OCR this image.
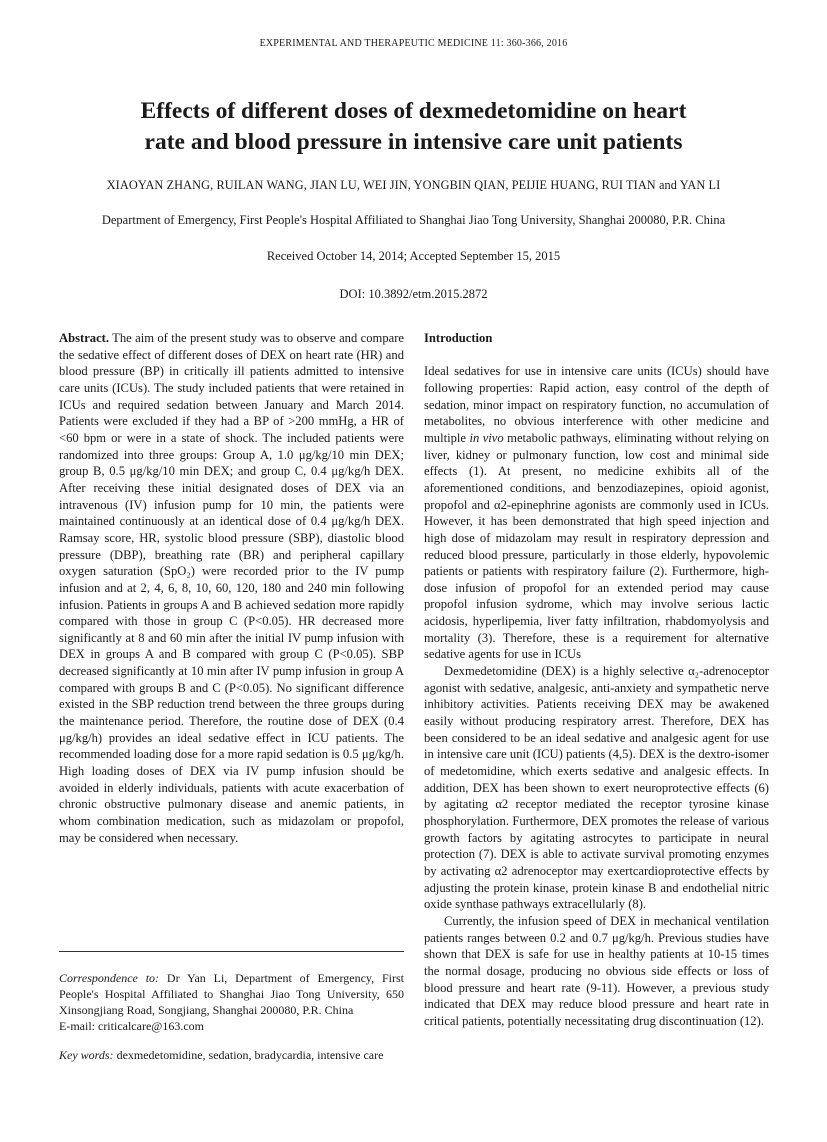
EXPERIMENTAL AND THERAPEUTIC MEDICINE 11: 360-366, 2016
Effects of different doses of dexmedetomidine on heart
rate and blood pressure in intensive care unit patients
XIAOYAN ZHANG, RUILAN WANG, JIAN LU, WEI JIN, YONGBIN QIAN, PEIJIE HUANG, RUI TIAN and YAN LI
Department of Emergency, First People's Hospital Affiliated to Shanghai Jiao Tong University, Shanghai 200080, P.R. China
Received October 14, 2014; Accepted September 15, 2015
DOI: 10.3892/etm.2015.2872

Abstract. The aim of the present study was to observe and compare the sedative effect of different doses of DEX on heart rate (HR) and blood pressure (BP) in critically ill patients admitted to intensive care units (ICUs). The study included patients that were retained in ICUs and required sedation between January and March 2014. Patients were excluded if they had a BP of >200 mmHg, a HR of <60 bpm or were in a state of shock. The included patients were randomized into three groups: Group A, 1.0 μg/kg/10 min DEX; group B, 0.5 μg/kg/10 min DEX; and group C, 0.4 μg/kg/h DEX. After receiving these initial designated doses of DEX via an intravenous (IV) infusion pump for 10 min, the patients were maintained continuously at an identical dose of 0.4 μg/kg/h DEX. Ramsay score, HR, systolic blood pressure (SBP), diastolic blood pressure (DBP), breathing rate (BR) and peripheral capillary oxygen saturation (SpO₂) were recorded prior to the IV pump infusion and at 2, 4, 6, 8, 10, 60, 120, 180 and 240 min following infusion. Patients in groups A and B achieved sedation more rapidly compared with those in group C (P<0.05). HR decreased more significantly at 8 and 60 min after the initial IV pump infusion with DEX in groups A and B compared with group C (P<0.05). SBP decreased significantly at 10 min after IV pump infusion in group A compared with groups B and C (P<0.05). No significant difference existed in the SBP reduction trend between the three groups during the maintenance period. Therefore, the routine dose of DEX (0.4 μg/kg/h) provides an ideal sedative effect in ICU patients. The recommended loading dose for a more rapid sedation is 0.5 μg/kg/h. High loading doses of DEX via IV pump infusion should be avoided in elderly individuals, patients with acute exacerbation of chronic obstructive pulmonary disease and anemic patients, in whom combination medication, such as midazolam or propofol, may be considered when necessary.

Correspondence to: Dr Yan Li, Department of Emergency, First People's Hospital Affiliated to Shanghai Jiao Tong University, 650 Xinsongjiang Road, Songjiang, Shanghai 200080, P.R. China
E-mail: criticalcare@163.com
Key words: dexmedetomidine, sedation, bradycardia, intensive care
Introduction

Ideal sedatives for use in intensive care units (ICUs) should have following properties: Rapid action, easy control of the depth of sedation, minor impact on respiratory function, no accumulation of metabolites, no obvious interference with other medicine and multiple in vivo metabolic pathways, eliminating without relying on liver, kidney or pulmonary function, low cost and minimal side effects (1). At present, no medicine exhibits all of the aforementioned conditions, and benzodiazepines, opioid agonist, propofol and α2-epinephrine agonists are commonly used in ICUs. However, it has been demonstrated that high speed injection and high dose of midazolam may result in respiratory depression and reduced blood pressure, particularly in those elderly, hypovolemic patients or patients with respiratory failure (2). Furthermore, high-dose infusion of propofol for an extended period may cause propofol infusion sydrome, which may involve serious lactic acidosis, hyperlipemia, liver fatty infiltration, rhabdomyolysis and mortality (3). Therefore, these is a requirement for alternative sedative agents for use in ICUs

Dexmedetomidine (DEX) is a highly selective α₂-adrenoceptor agonist with sedative, analgesic, anti-anxiety and sympathetic nerve inhibitory activities. Patients receiving DEX may be awakened easily without producing respiratory arrest. Therefore, DEX has been considered to be an ideal sedative and analgesic agent for use in intensive care unit (ICU) patients (4,5). DEX is the dextro-isomer of medetomidine, which exerts sedative and analgesic effects. In addition, DEX has been shown to exert neuroprotective effects (6) by agitating α2 receptor mediated the receptor tyrosine kinase phosphorylation. Furthermore, DEX promotes the release of various growth factors by agitating astrocytes to participate in neural protection (7). DEX is able to activate survival promoting enzymes by activating α2 adrenoceptor may exertcardioprotective effects by adjusting the protein kinase, protein kinase B and endothelial nitric oxide synthase pathways extracellularly (8).

Currently, the infusion speed of DEX in mechanical ventilation patients ranges between 0.2 and 0.7 μg/kg/h. Previous studies have shown that DEX is safe for use in healthy patients at 10-15 times the normal dosage, producing no obvious side effects or loss of blood pressure and heart rate (9-11). However, a previous study indicated that DEX may reduce blood pressure and heart rate in critical patients, potentially necessitating drug discontinuation (12).
